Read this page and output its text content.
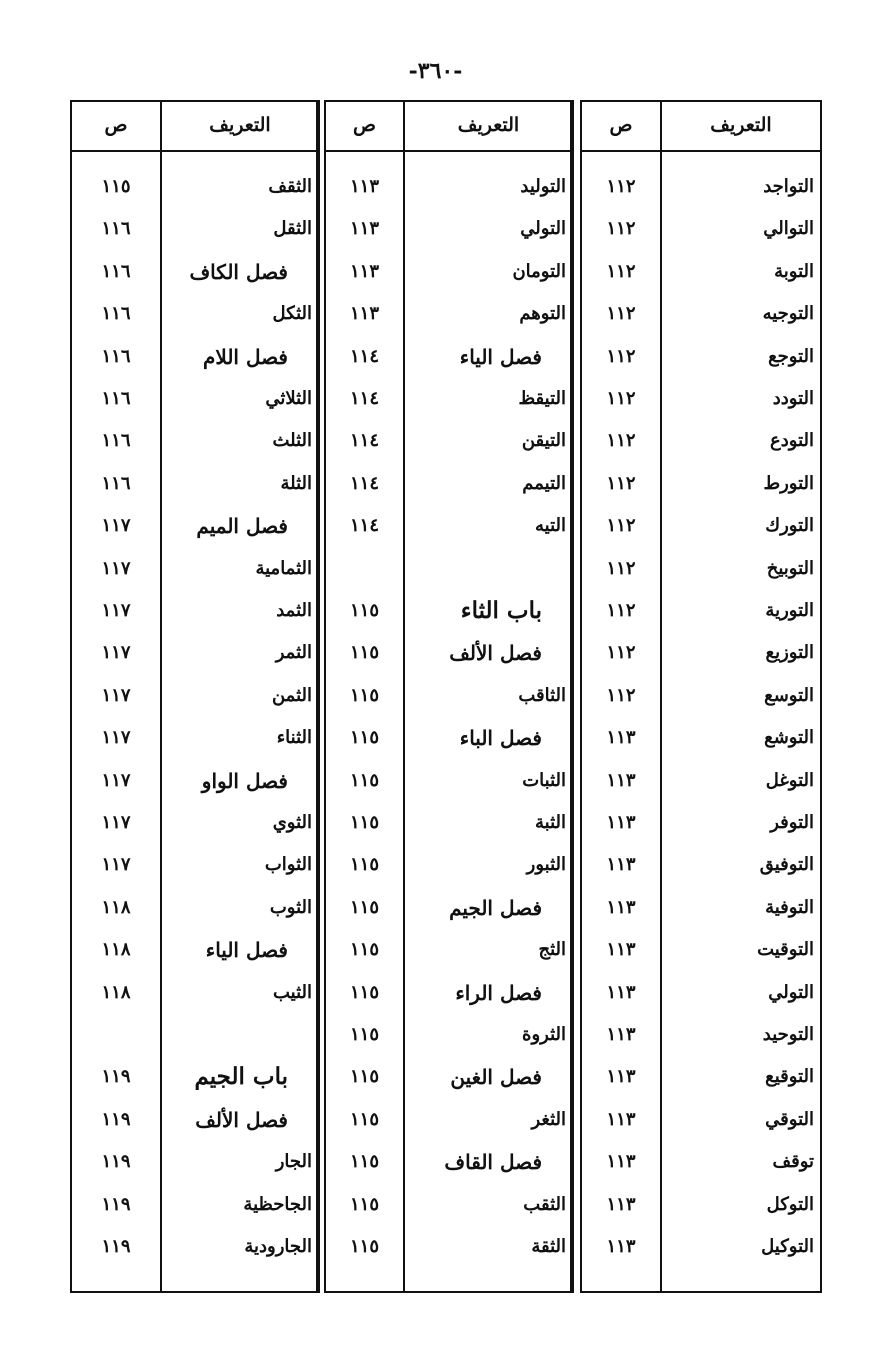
-٣٦٠-
التعريف
ص
التواجد
١١٢
التوالي
١١٢
التوبة
١١٢
التوجيه
١١٢
التوجع
١١٢
التودد
١١٢
التودع
١١٢
التورط
١١٢
التورك
١١٢
التوبيخ
١١٢
التورية
١١٢
التوزيع
١١٢
التوسع
١١٢
التوشع
١١٣
التوغل
١١٣
التوفر
١١٣
التوفيق
١١٣
التوفية
١١٣
التوقيت
١١٣
التولي
١١٣
التوحيد
١١٣
التوقيع
١١٣
التوقي
١١٣
توقف
١١٣
التوكل
١١٣
التوكيل
١١٣
التعريف
ص
التوليد
١١٣
التولي
١١٣
التومان
١١٣
التوهم
١١٣
فصل الياء
١١٤
التيقظ
١١٤
التيقن
١١٤
التيمم
١١٤
التيه
١١٤
باب الثاء
١١٥
فصل الألف
١١٥
الثاقب
١١٥
فصل الباء
١١٥
الثبات
١١٥
الثبة
١١٥
الثبور
١١٥
فصل الجيم
١١٥
الثج
١١٥
فصل الراء
١١٥
الثروة
١١٥
فصل الغين
١١٥
الثغر
١١٥
فصل القاف
١١٥
الثقب
١١٥
الثقة
١١٥
التعريف
ص
الثقف
١١٥
الثقل
١١٦
فصل الكاف
١١٦
الثكل
١١٦
فصل اللام
١١٦
الثلاثي
١١٦
الثلث
١١٦
الثلة
١١٦
فصل الميم
١١٧
الثمامية
١١٧
الثمد
١١٧
الثمر
١١٧
الثمن
١١٧
الثناء
١١٧
فصل الواو
١١٧
الثوي
١١٧
الثواب
١١٧
الثوب
١١٨
فصل الياء
١١٨
الثيب
١١٨
باب الجيم
١١٩
فصل الألف
١١٩
الجار
١١٩
الجاحظية
١١٩
الجارودية
١١٩
